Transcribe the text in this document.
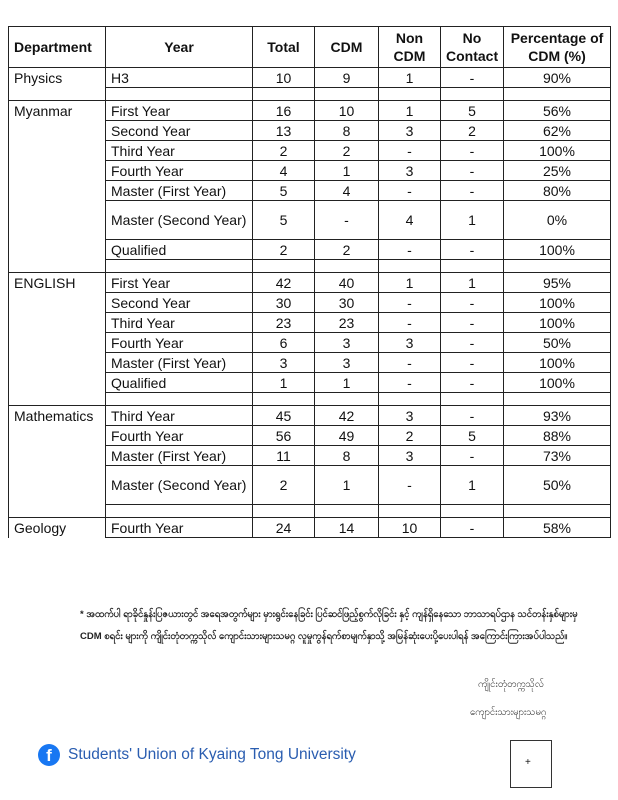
Department	Year	Total	CDM	Non CDM	No Contact	Percentage of CDM (%)
Physics	H3	10	9	1	-	90%

Myanmar	First Year	16	10	1	5	56%
	Second Year	13	8	3	2	62%
	Third Year	2	2	-	-	100%
	Fourth Year	4	1	3	-	25%
	Master (First Year)	5	4	-	-	80%
	Master (Second Year)	5	-	4	1	0%
	Qualified	2	2	-	-	100%

ENGLISH	First Year	42	40	1	1	95%
	Second Year	30	30	-	-	100%
	Third Year	23	23	-	-	100%
	Fourth Year	6	3	3	-	50%
	Master (First Year)	3	3	-	-	100%
	Qualified	1	1	-	-	100%

Mathematics	Third Year	45	42	3	-	93%
	Fourth Year	56	49	2	5	88%
	Master (First Year)	11	8	3	-	73%
	Master (Second Year)	2	1	-	1	50%

Geology	Fourth Year	24	14	10	-	58%
* အထက်ပါ ရာခိုင်နှုန်းပြဇယားတွင် အရေအတွက်များ မှားရွင်းနေခြင်း ပြင်ဆင်ဖြည့်စွက်လိုခြင်း နှင့် ကျန်ရှိနေသော ဘာသာရပ်ဌာန သင်တန်းနှစ်များမှ CDM စရင်း များကို ကျိုင်းတုံတက္ကသိုလ် ကျောင်းသားများသမဂ္ဂ လူမှုကွန်ရက်စာမျက်နှာသို့ အမြန်ဆုံးပေးပို့ပေးပါရန် အကြောင်းကြားအပ်ပါသည်။
ကျိုင်းတုံတက္ကသိုလ်
ကျောင်းသားများသမဂ္ဂ
+
f Students' Union of Kyaing Tong University
